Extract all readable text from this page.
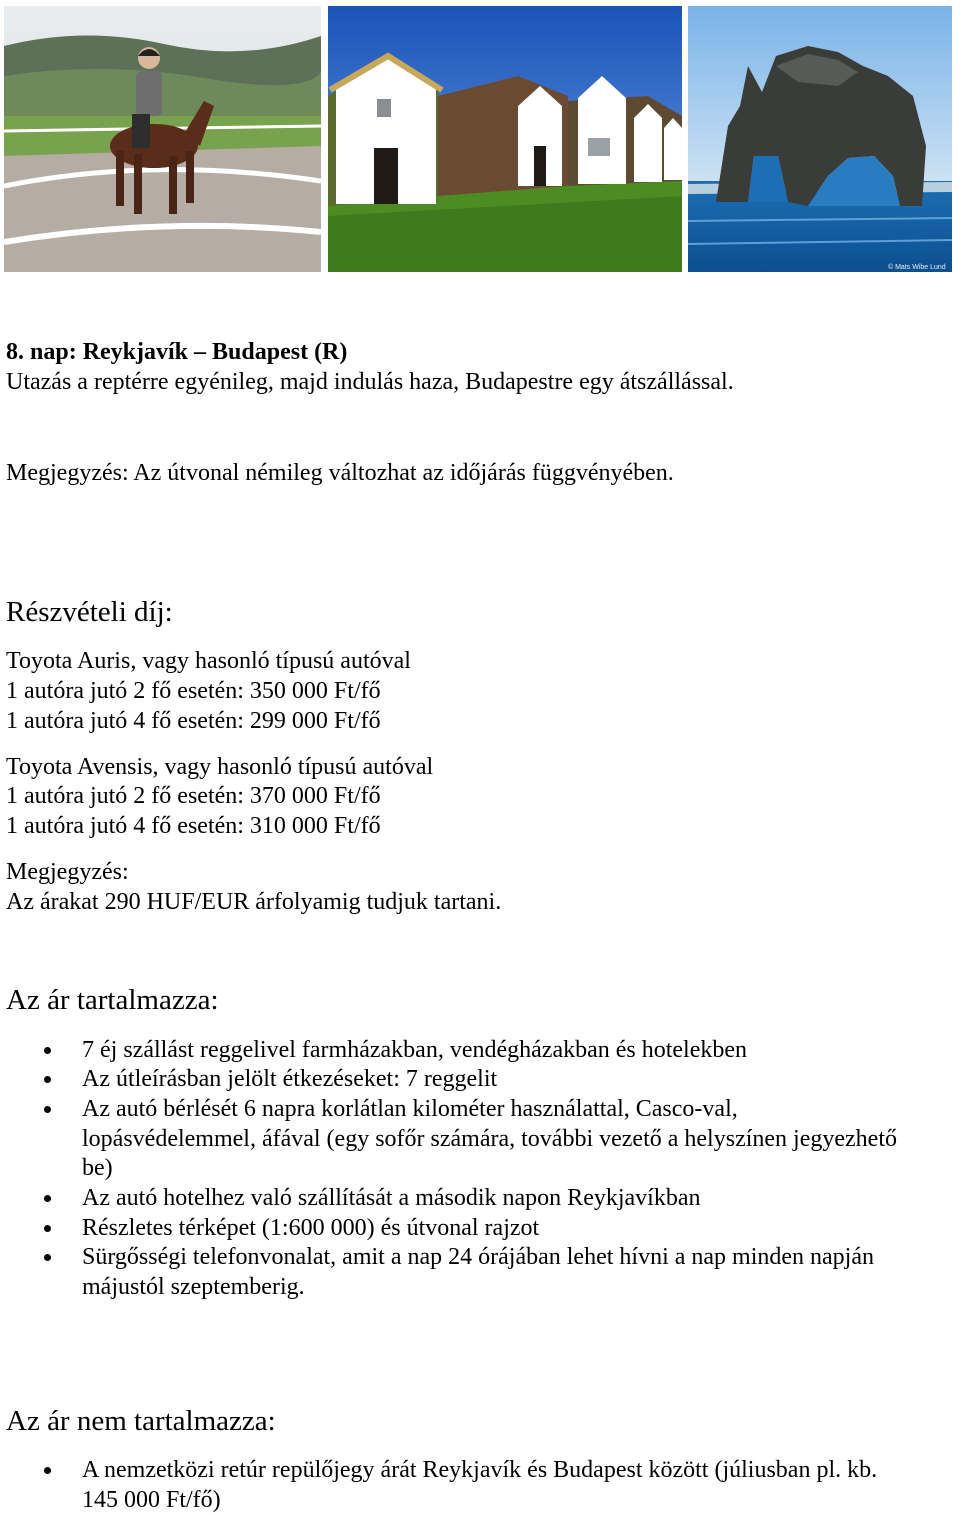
© Mats Wibe Lund
8. nap: Reykjavík – Budapest (R)
Utazás a reptérre egyénileg, majd indulás haza, Budapestre egy átszállással.
Megjegyzés: Az útvonal némileg változhat az időjárás függvényében.
Részvételi díj:
Toyota Auris, vagy hasonló típusú autóval
1 autóra jutó 2 fő esetén: 350 000 Ft/fő
1 autóra jutó 4 fő esetén: 299 000 Ft/fő
Toyota Avensis, vagy hasonló típusú autóval
1 autóra jutó 2 fő esetén: 370 000 Ft/fő
1 autóra jutó 4 fő esetén: 310 000 Ft/fő
Megjegyzés:
Az árakat 290 HUF/EUR árfolyamig tudjuk tartani.
Az ár tartalmazza:
7 éj szállást reggelivel farmházakban, vendégházakban és hotelekben
Az útleírásban jelölt étkezéseket: 7 reggelit
Az autó bérlését 6 napra korlátlan kilométer használattal, Casco-val,
lopásvédelemmel, áfával (egy sofőr számára, további vezető a helyszínen jegyezhető
be)
Az autó hotelhez való szállítását a második napon Reykjavíkban
Részletes térképet (1:600 000) és útvonal rajzot
Sürgősségi telefonvonalat, amit a nap 24 órájában lehet hívni a nap minden napján
májustól szeptemberig.
Az ár nem tartalmazza:
A nemzetközi retúr repülőjegy árát Reykjavík és Budapest között (júliusban pl. kb.
145 000 Ft/fő)
